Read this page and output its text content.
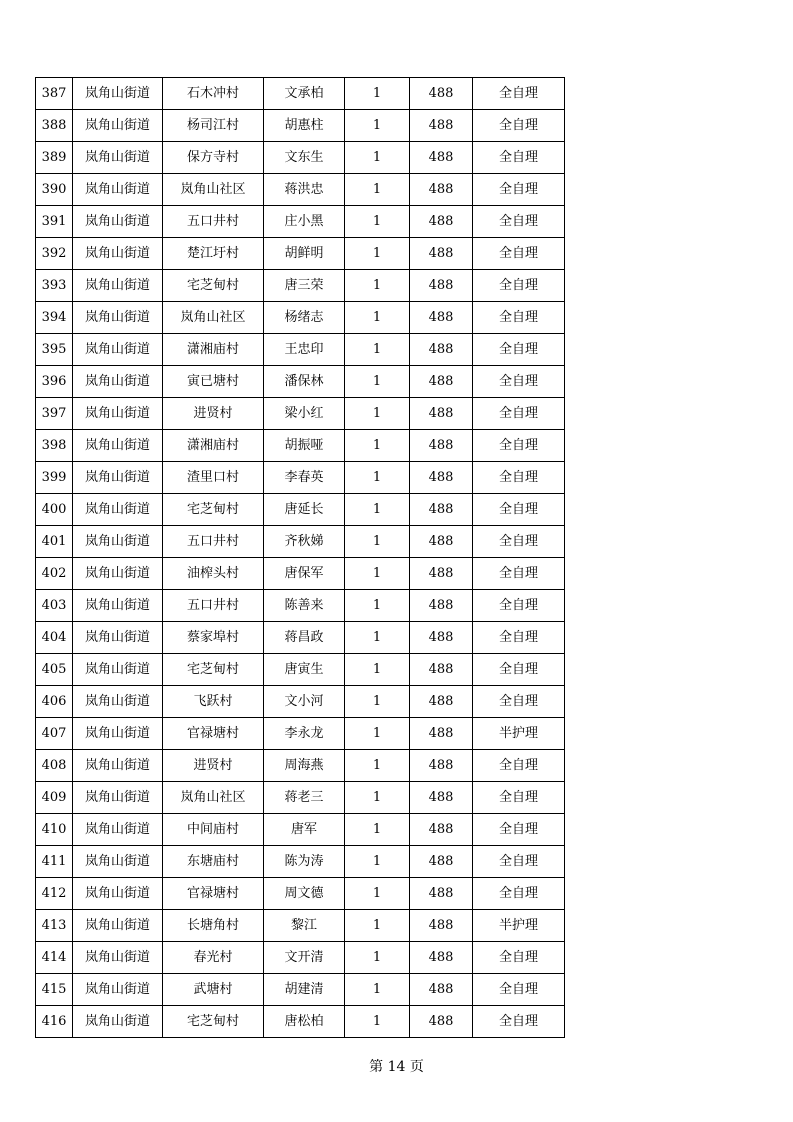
387	岚角山街道	石木冲村	文承柏	1	488	全自理
388	岚角山街道	杨司江村	胡惠柱	1	488	全自理
389	岚角山街道	保方寺村	文东生	1	488	全自理
390	岚角山街道	岚角山社区	蒋洪忠	1	488	全自理
391	岚角山街道	五口井村	庄小黑	1	488	全自理
392	岚角山街道	楚江圩村	胡鲜明	1	488	全自理
393	岚角山街道	宅芝甸村	唐三荣	1	488	全自理
394	岚角山街道	岚角山社区	杨绪志	1	488	全自理
395	岚角山街道	潇湘庙村	王忠印	1	488	全自理
396	岚角山街道	寅已塘村	潘保林	1	488	全自理
397	岚角山街道	进贤村	梁小红	1	488	全自理
398	岚角山街道	潇湘庙村	胡振哑	1	488	全自理
399	岚角山街道	渣里口村	李春英	1	488	全自理
400	岚角山街道	宅芝甸村	唐延长	1	488	全自理
401	岚角山街道	五口井村	齐秋娣	1	488	全自理
402	岚角山街道	油榨头村	唐保军	1	488	全自理
403	岚角山街道	五口井村	陈善来	1	488	全自理
404	岚角山街道	蔡家埠村	蒋昌政	1	488	全自理
405	岚角山街道	宅芝甸村	唐寅生	1	488	全自理
406	岚角山街道	飞跃村	文小河	1	488	全自理
407	岚角山街道	官禄塘村	李永龙	1	488	半护理
408	岚角山街道	进贤村	周海燕	1	488	全自理
409	岚角山街道	岚角山社区	蒋老三	1	488	全自理
410	岚角山街道	中间庙村	唐军	1	488	全自理
411	岚角山街道	东塘庙村	陈为涛	1	488	全自理
412	岚角山街道	官禄塘村	周文德	1	488	全自理
413	岚角山街道	长塘角村	黎江	1	488	半护理
414	岚角山街道	春光村	文开清	1	488	全自理
415	岚角山街道	武塘村	胡建清	1	488	全自理
416	岚角山街道	宅芝甸村	唐松柏	1	488	全自理
第 14 页
